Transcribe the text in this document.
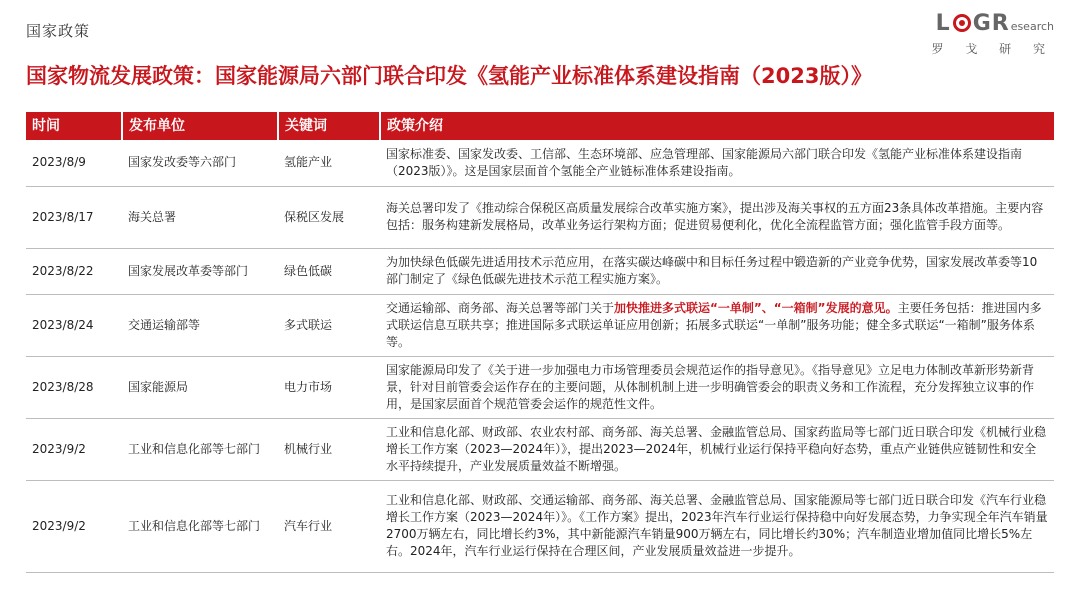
国家政策	L GR esearch
罗 戈 研 究
国家物流发展政策：国家能源局六部门联合印发《氢能产业标准体系建设指南（2023版）》
时间	发布单位	关键词	政策介绍
2023/8/9	国家发改委等六部门	氢能产业	国家标准委、国家发改委、工信部、生态环境部、应急管理部、国家能源局六部门联合印发《氢能产业标准体系建设指南（2023版）》。这是国家层面首个氢能全产业链标准体系建设指南。
2023/8/17	海关总署	保税区发展	海关总署印发了《推动综合保税区高质量发展综合改革实施方案》，提出涉及海关事权的五方面23条具体改革措施。主要内容包括：服务构建新发展格局，改革业务运行架构方面；促进贸易便利化，优化全流程监管方面；强化监管手段方面等。
2023/8/22	国家发展改革委等部门	绿色低碳	为加快绿色低碳先进适用技术示范应用，在落实碳达峰碳中和目标任务过程中锻造新的产业竞争优势，国家发展改革委等10部门制定了《绿色低碳先进技术示范工程实施方案》。
2023/8/24	交通运输部等	多式联运	交通运输部、商务部、海关总署等部门关于加快推进多式联运“一单制”、“一箱制”发展的意见。主要任务包括：推进国内多式联运信息互联共享；推进国际多式联运单证应用创新；拓展多式联运“一单制”服务功能；健全多式联运“一箱制”服务体系等。
2023/8/28	国家能源局	电力市场	国家能源局印发了《关于进一步加强电力市场管理委员会规范运作的指导意见》。《指导意见》立足电力体制改革新形势新背景，针对目前管委会运作存在的主要问题，从体制机制上进一步明确管委会的职责义务和工作流程，充分发挥独立议事的作用，是国家层面首个规范管委会运作的规范性文件。
2023/9/2	工业和信息化部等七部门	机械行业	工业和信息化部、财政部、农业农村部、商务部、海关总署、金融监管总局、国家药监局等七部门近日联合印发《机械行业稳增长工作方案（2023—2024年）》，提出2023—2024年，机械行业运行保持平稳向好态势，重点产业链供应链韧性和安全水平持续提升，产业发展质量效益不断增强。
2023/9/2	工业和信息化部等七部门	汽车行业	工业和信息化部、财政部、交通运输部、商务部、海关总署、金融监管总局、国家能源局等七部门近日联合印发《汽车行业稳增长工作方案（2023—2024年）》。《工作方案》提出，2023年汽车行业运行保持稳中向好发展态势，力争实现全年汽车销量2700万辆左右，同比增长约3%，其中新能源汽车销量900万辆左右，同比增长约30%；汽车制造业增加值同比增长5%左右。2024年，汽车行业运行保持在合理区间，产业发展质量效益进一步提升。
